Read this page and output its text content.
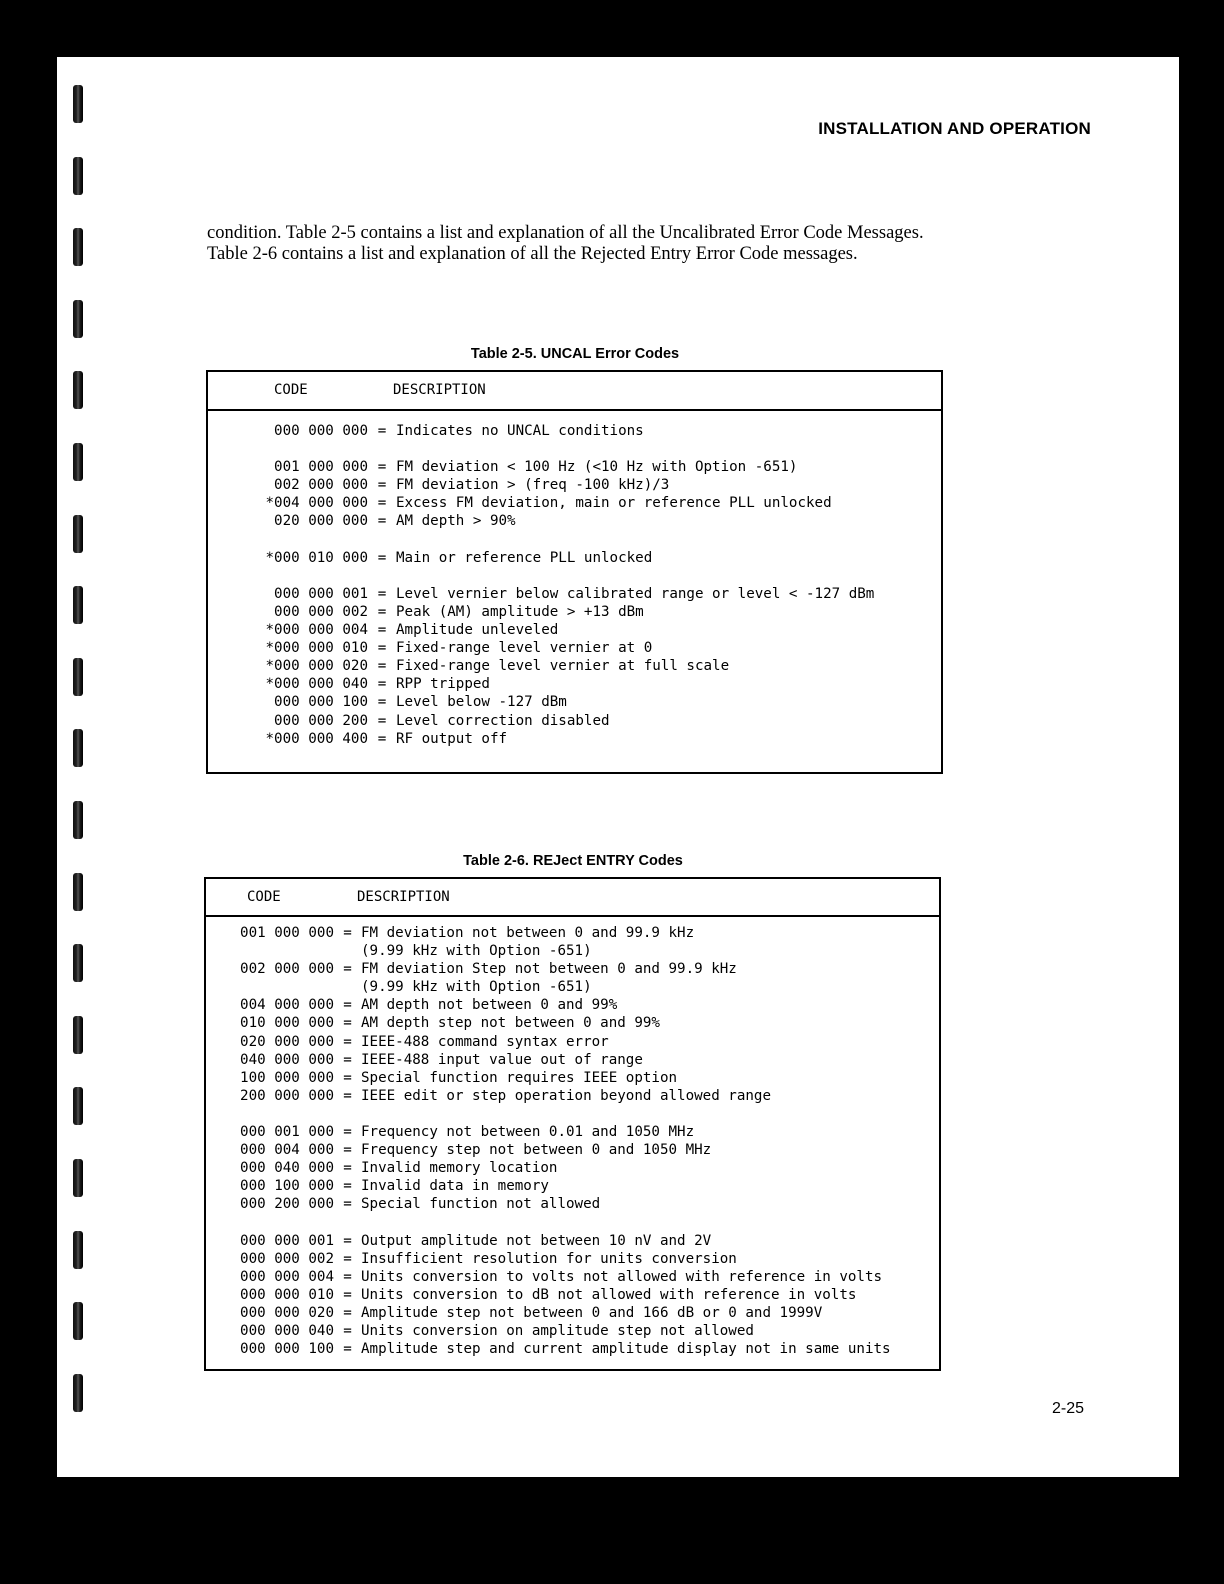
INSTALLATION AND OPERATION

condition. Table 2-5 contains a list and explanation of all the Uncalibrated Error Code Messages. Table 2-6 contains a list and explanation of all the Rejected Entry Error Code messages.

Table 2-5. UNCAL Error Codes
CODE	DESCRIPTION
000 000 000 = Indicates no UNCAL conditions
001 000 000 = FM deviation < 100 Hz (<10 Hz with Option -651)
002 000 000 = FM deviation > (freq -100 kHz)/3
*004 000 000 = Excess FM deviation, main or reference PLL unlocked
020 000 000 = AM depth > 90%
*000 010 000 = Main or reference PLL unlocked
000 000 001 = Level vernier below calibrated range or level < -127 dBm
000 000 002 = Peak (AM) amplitude > +13 dBm
*000 000 004 = Amplitude unleveled
*000 000 010 = Fixed-range level vernier at 0
*000 000 020 = Fixed-range level vernier at full scale
*000 000 040 = RPP tripped
000 000 100 = Level below -127 dBm
000 000 200 = Level correction disabled
*000 000 400 = RF output off
Table 2-6. REJect ENTRY Codes
CODE	DESCRIPTION
001 000 000 = FM deviation not between 0 and 99.9 kHz
(9.99 kHz with Option -651)
002 000 000 = FM deviation Step not between 0 and 99.9 kHz
(9.99 kHz with Option -651)
004 000 000 = AM depth not between 0 and 99%
010 000 000 = AM depth step not between 0 and 99%
020 000 000 = IEEE-488 command syntax error
040 000 000 = IEEE-488 input value out of range
100 000 000 = Special function requires IEEE option
200 000 000 = IEEE edit or step operation beyond allowed range
000 001 000 = Frequency not between 0.01 and 1050 MHz
000 004 000 = Frequency step not between 0 and 1050 MHz
000 040 000 = Invalid memory location
000 100 000 = Invalid data in memory
000 200 000 = Special function not allowed
000 000 001 = Output amplitude not between 10 nV and 2V
000 000 002 = Insufficient resolution for units conversion
000 000 004 = Units conversion to volts not allowed with reference in volts
000 000 010 = Units conversion to dB not allowed with reference in volts
000 000 020 = Amplitude step not between 0 and 166 dB or 0 and 1999V
000 000 040 = Units conversion on amplitude step not allowed
000 000 100 = Amplitude step and current amplitude display not in same units
2-25
